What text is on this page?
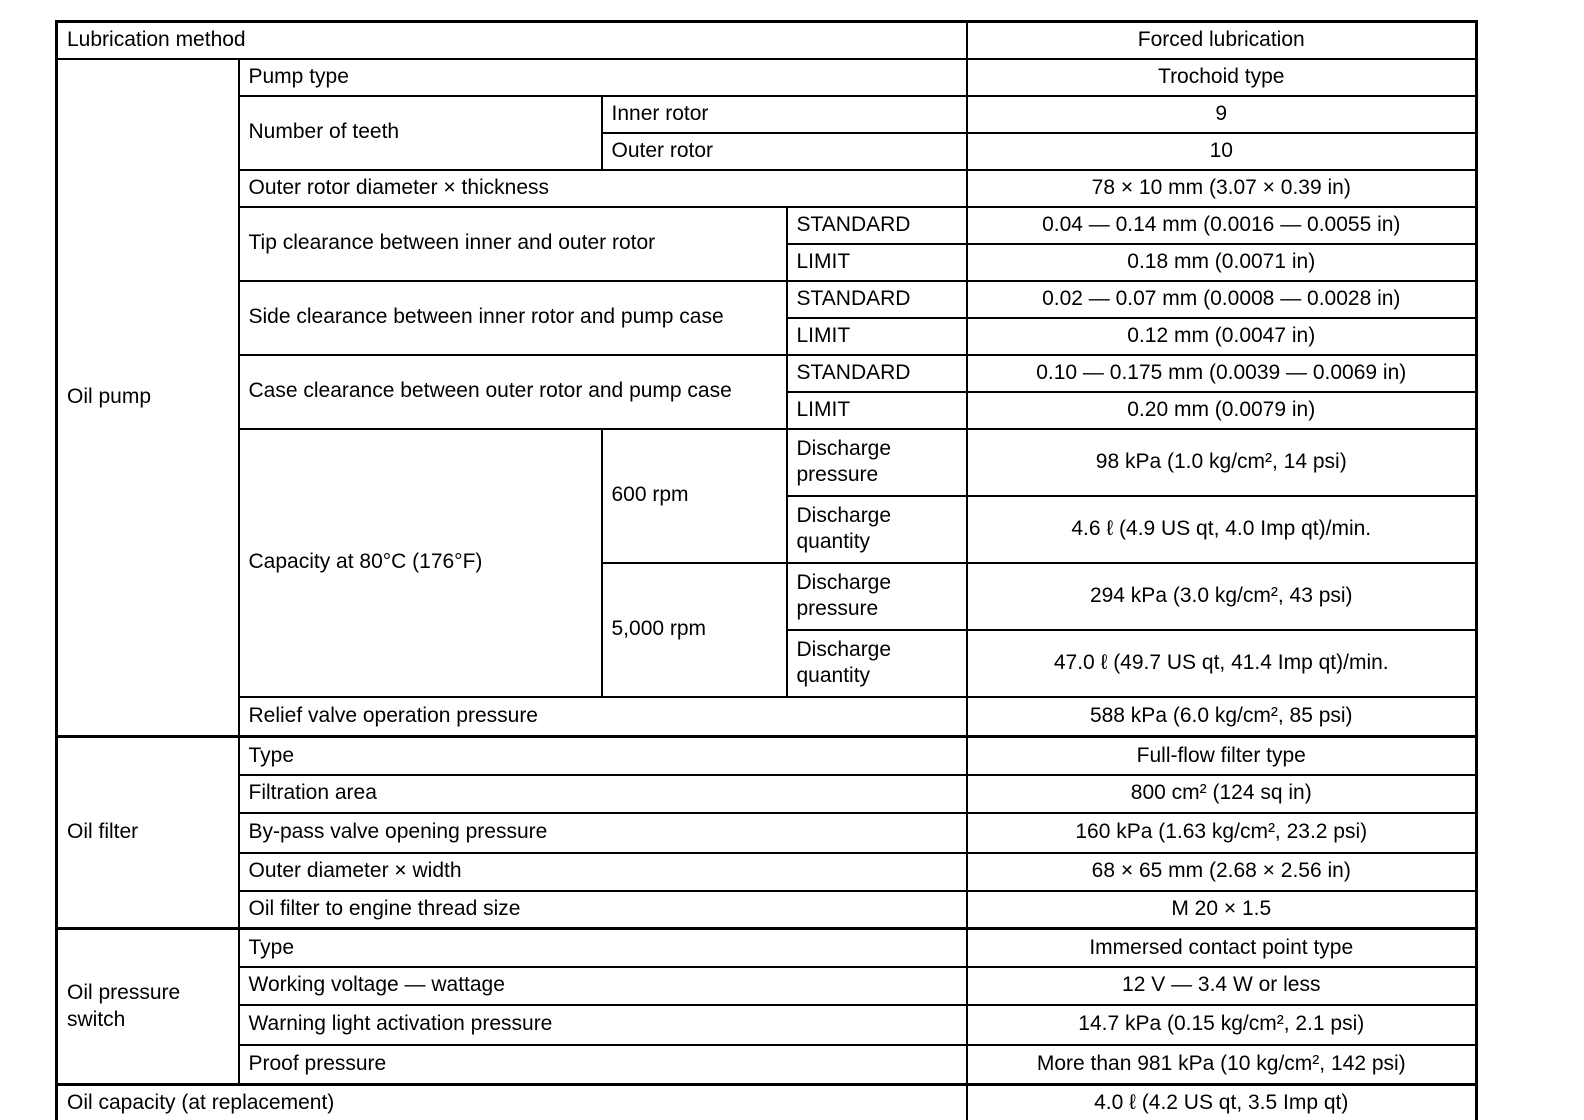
Lubrication method				Forced lubrication
Oil pump	Pump type			Trochoid type
	Number of teeth	Inner rotor		9
		Outer rotor		10
	Outer rotor diameter × thickness			78 × 10 mm (3.07 × 0.39 in)
	Tip clearance between inner and outer rotor		STANDARD	0.04 — 0.14 mm (0.0016 — 0.0055 in)
			LIMIT	0.18 mm (0.0071 in)
	Side clearance between inner rotor and pump case		STANDARD	0.02 — 0.07 mm (0.0008 — 0.0028 in)
			LIMIT	0.12 mm (0.0047 in)
	Case clearance between outer rotor and pump case		STANDARD	0.10 — 0.175 mm (0.0039 — 0.0069 in)
			LIMIT	0.20 mm (0.0079 in)
	Capacity at 80°C (176°F)	600 rpm	Discharge pressure	98 kPa (1.0 kg/cm², 14 psi)
			Discharge quantity	4.6 ℓ (4.9 US qt, 4.0 Imp qt)/min.
		5,000 rpm	Discharge pressure	294 kPa (3.0 kg/cm², 43 psi)
			Discharge quantity	47.0 ℓ (49.7 US qt, 41.4 Imp qt)/min.
	Relief valve operation pressure			588 kPa (6.0 kg/cm², 85 psi)
Oil filter	Type			Full-flow filter type
	Filtration area			800 cm² (124 sq in)
	By-pass valve opening pressure			160 kPa (1.63 kg/cm², 23.2 psi)
	Outer diameter × width			68 × 65 mm (2.68 × 2.56 in)
	Oil filter to engine thread size			M 20 × 1.5
Oil pressure switch	Type			Immersed contact point type
	Working voltage — wattage			12 V — 3.4 W or less
	Warning light activation pressure			14.7 kPa (0.15 kg/cm², 2.1 psi)
	Proof pressure			More than 981 kPa (10 kg/cm², 142 psi)
Oil capacity (at replacement)				4.0 ℓ (4.2 US qt, 3.5 Imp qt)
